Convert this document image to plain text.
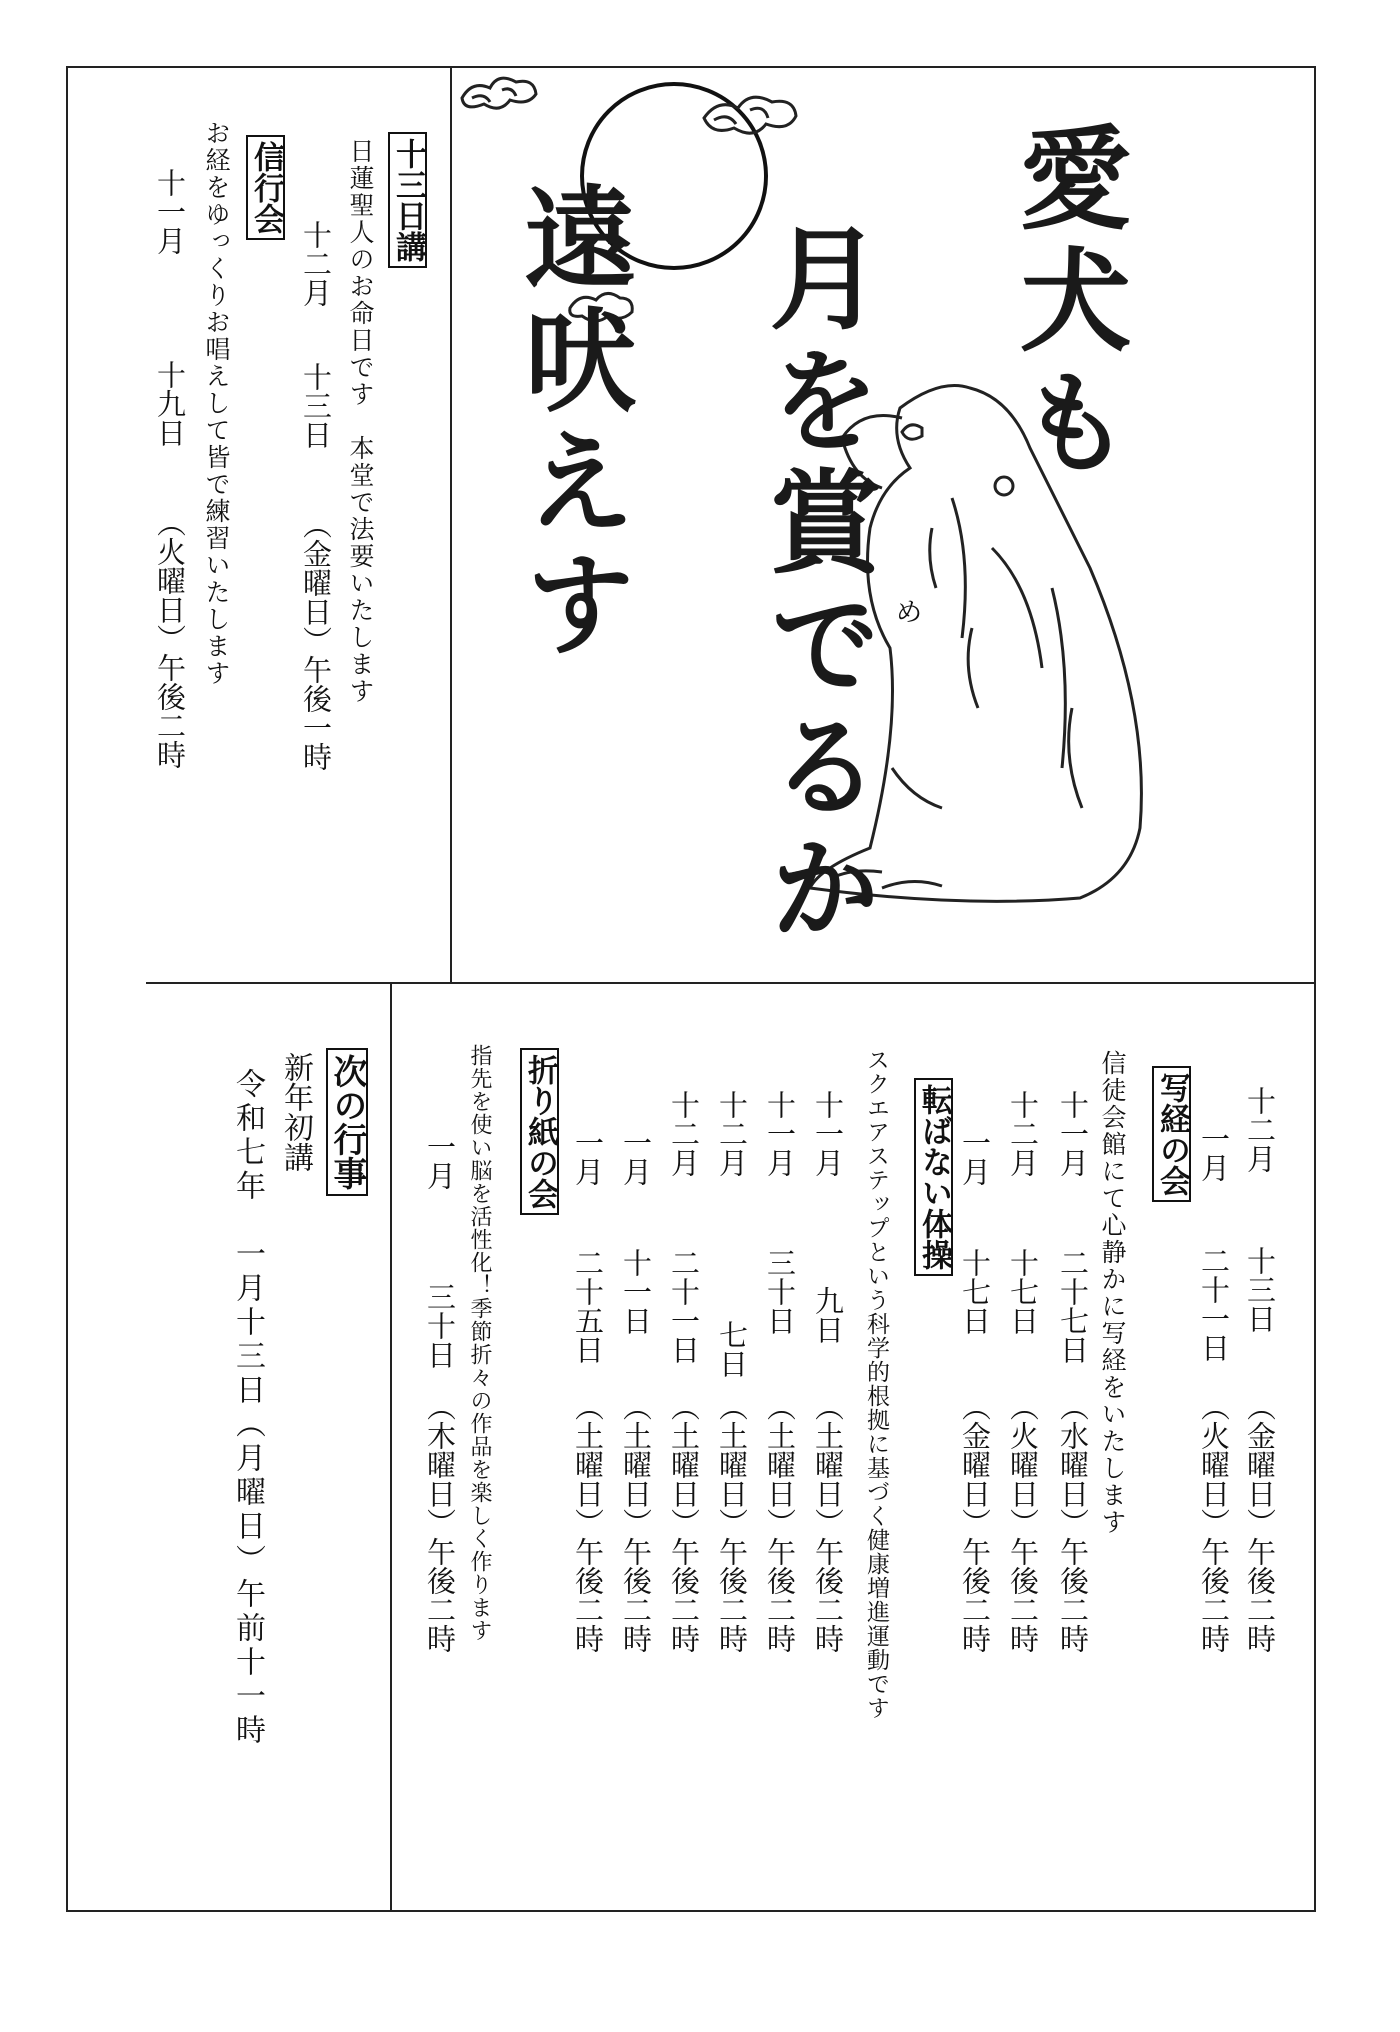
愛犬も
月を賞でるか
遠吠えす	め
十三日講
日蓮聖人のお命日です　本堂で法要いたします
十二月
十三日
（金曜日）午後一時
信行会
お経をゆっくりお唱えして皆で練習いたします
十一月
十九日
（火曜日）午後二時
十二月
十三日
（金曜日）午後二時
一月
二十一日
（火曜日）午後二時
写経の会
信徒会館にて心静かに写経をいたします
十一月
二十七日
（水曜日）午後二時
十二月
十七日
（火曜日）午後二時
一月
十七日
（金曜日）午後二時
転ばない体操
スクエアステップという科学的根拠に基づく健康増進運動です
十一月
九日
（土曜日）午後二時
十一月
三十日
（土曜日）午後二時
十二月
七日
（土曜日）午後二時
十二月
二十一日
（土曜日）午後二時
一月
十一日
（土曜日）午後二時
一月
二十五日
（土曜日）午後二時
折り紙の会
指先を使い脳を活性化！季節折々の作品を楽しく作ります
一月
三十日
（木曜日）午後二時
次の行事
新年初講
令和七年　一月十三日（月曜日）午前十一時
